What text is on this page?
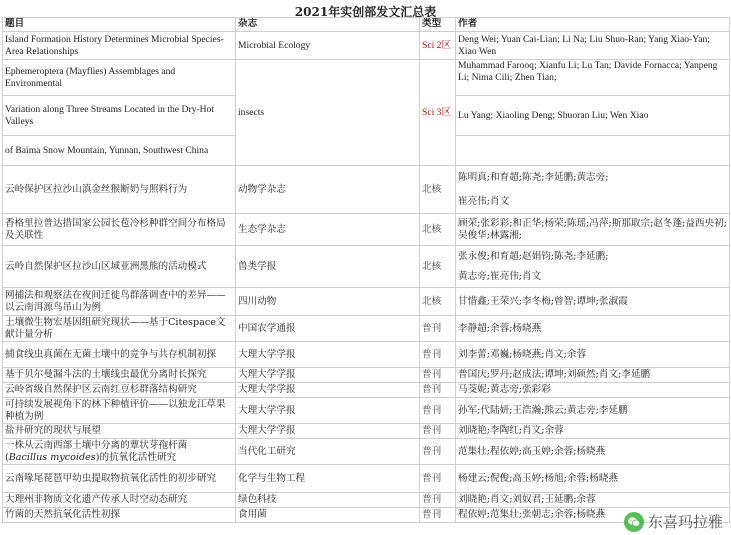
2021年实创部发文汇总表
题目	杂志	类型	作者
Island Formation History Determines Microbial Species-Area Relationships	Microbial Ecology	Sci 2区	Deng Wei; Yuan Cai-Lian; Li Na; Liu Shuo-Ran; Yang Xiao-Yan; Xiao Wen
Ephemeroptera (Mayflies) Assemblages and Environmental	insects	Sci 3区	Muhammad Farooq; Xianfu Li; Lu Tan; Davide Fornacca; Yanpeng Li; Nima Cili; Zhen Tian;
Variation along Three Streams Located in the Dry-Hot Valleys			Lu Yang; Xiaoling Deng; Shuoran Liu; Wen Xiao
of Baima Snow Mountain, Yunnan, Southwest China			
云岭保护区拉沙山滇金丝猴断奶与照料行为	动物学杂志	北核	陈明真;和育超;陈尧;李延鹏;黄志旁;
崔亮伟;肖文

香格里拉普达措国家公园长苞冷杉种群空间分布格局及关联性	生态学杂志	北核	顾荣;张彩彩;和正华;杨荣;陈瑶;冯萍;斯那取宗;赵冬蓬;益西央初;吴俊华;林露湘;
云岭自然保护区拉沙山区域亚洲黑熊的活动模式	兽类学报	北核	张永俊;和育超;赵娟钧;陈尧;李延鹏;
黄志旁;崔亮伟;肖文

网捕法和观察法在夜间迁徙鸟群落调查中的差异——以云南洱源鸟吊山为例	四川动物	北核	甘惜鑫;王荣兴;李冬梅;曾智;谭坤;张淑霞
土壤微生物宏基因组研究现状——基于Citespace文献计量分析	中国农学通报	普刊	李静超;余蓉;杨晓燕
捕食线虫真菌在无菌土壤中的竞争与共存机制初探	大理大学学报	普刊	刘李蕾;邓巍;杨晓燕;肖文;余蓉
基于贝尔曼漏斗法的土壤线虫最优分离时长探究	大理大学学报	普刊	普国庆;罗丹;赵成法;谭坤;刘硕然;肖文;李延鹏
云岭省级自然保护区云南红豆杉群落结构研究	大理大学学报	普刊	马茭妮;黄志旁;张彩彩
可持续发展视角下的林下种植评价——以独龙江草果种植为例	大理大学学报	普刊	孙军;代陆妍;王浩瀚;熊云;黄志旁;李延鹏
盐井研究的现状与展望	大理大学学报	普刊	刘晓艳;李陶红;肖文;余蓉

一株从云南西部土壤中分离的蕈状芽孢杆菌
(Bacillus mycoides)的抗氧化活性研究	当代化工研究	普刊	范集壮;程依婷;高玉婷;余蓉;杨晓燕
云南喙尾琵琶甲幼虫提取物抗氧化活性的初步研究	化学与生物工程	普刊	杨建云;倪俊;高玉婷;杨旭;余蓉;杨晓燕
大理州非物质文化遗产传承人时空动态研究	绿色科技	普刊	刘晓艳;肖文;刘奴君;王延鹏;余蓉
竹菌的天然抗氧化活性初探	食用菌	普刊	程依婷;范集壮;张朝志;余蓉;杨晓燕	东喜玛拉雅
